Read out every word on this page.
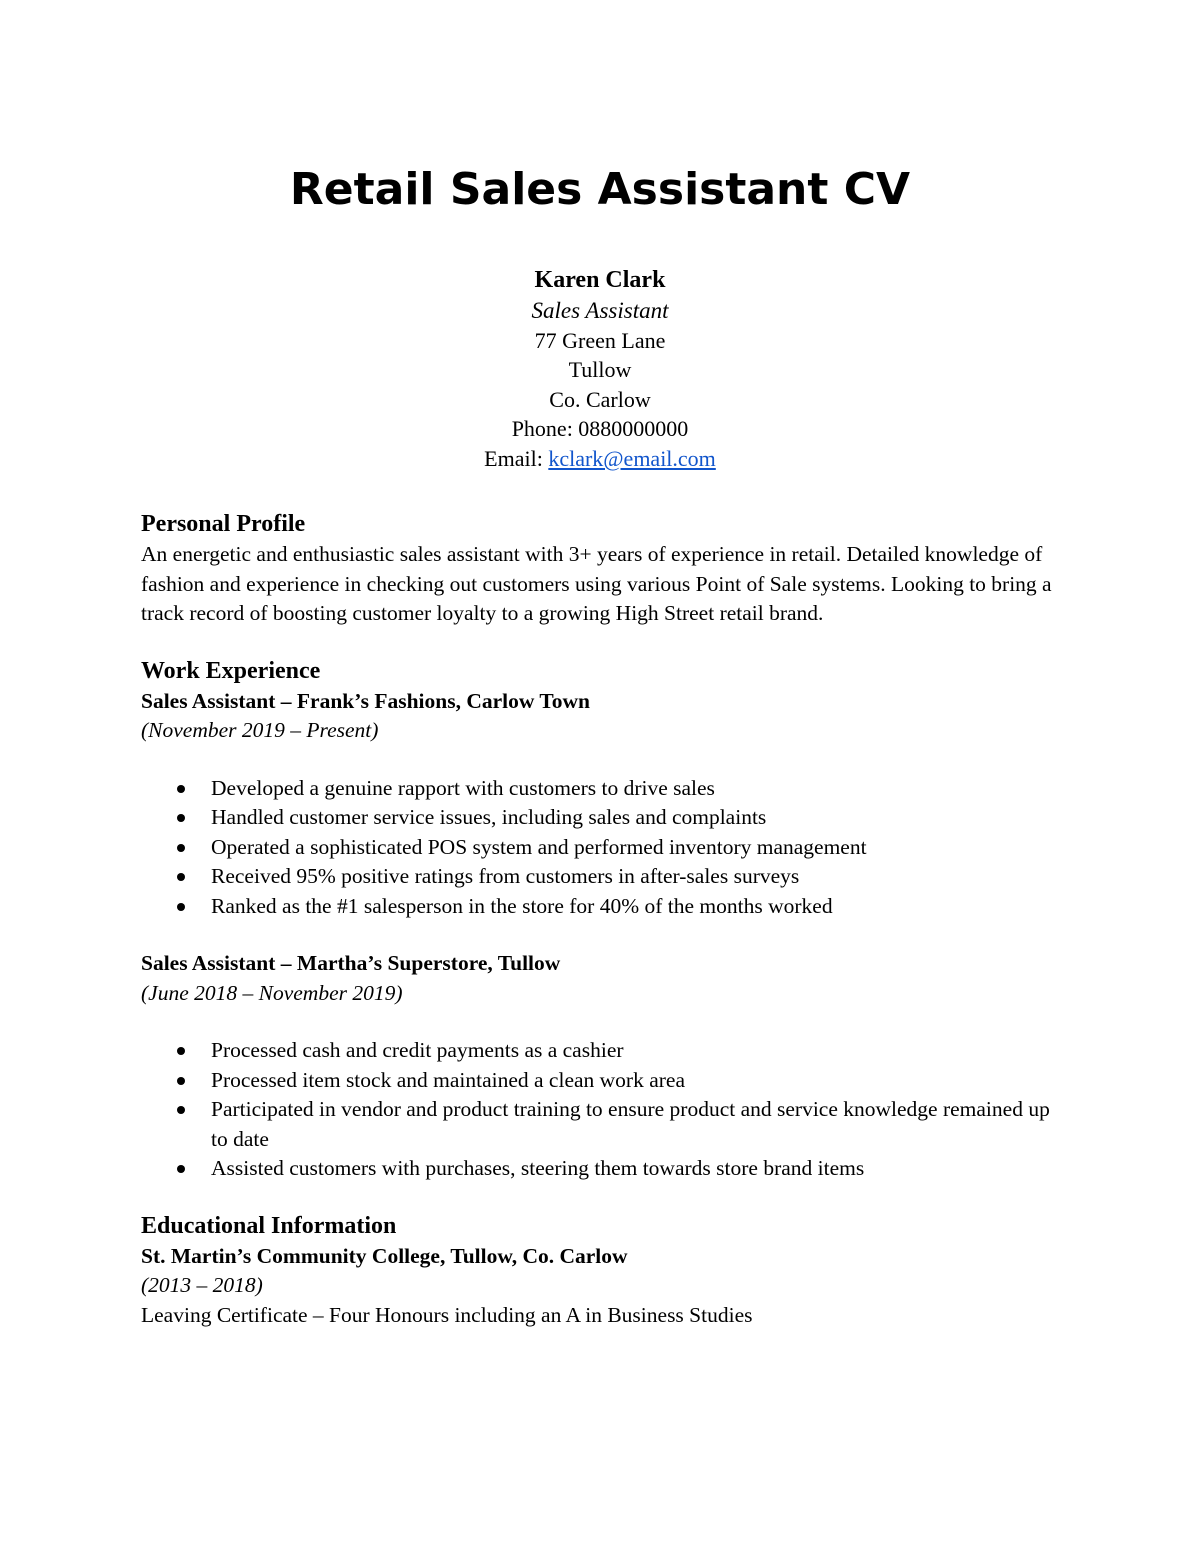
Retail Sales Assistant CV
Karen Clark
Sales Assistant
77 Green Lane
Tullow
Co. Carlow
Phone: 0880000000
Email: kclark@email.com
Personal Profile

An energetic and enthusiastic sales assistant with 3+ years of experience in retail. Detailed knowledge of fashion and experience in checking out customers using various Point of Sale systems. Looking to bring a track record of boosting customer loyalty to a growing High Street retail brand.

Work Experience
Sales Assistant – Frank’s Fashions, Carlow Town
(November 2019 – Present)
Developed a genuine rapport with customers to drive sales
Handled customer service issues, including sales and complaints
Operated a sophisticated POS system and performed inventory management
Received 95% positive ratings from customers in after-sales surveys
Ranked as the #1 salesperson in the store for 40% of the months worked
Sales Assistant – Martha’s Superstore, Tullow
(June 2018 – November 2019)
Processed cash and credit payments as a cashier
Processed item stock and maintained a clean work area
Participated in vendor and product training to ensure product and service knowledge remained up to date
Assisted customers with purchases, steering them towards store brand items
Educational Information
St. Martin’s Community College, Tullow, Co. Carlow
(2013 – 2018)
Leaving Certificate – Four Honours including an A in Business Studies
